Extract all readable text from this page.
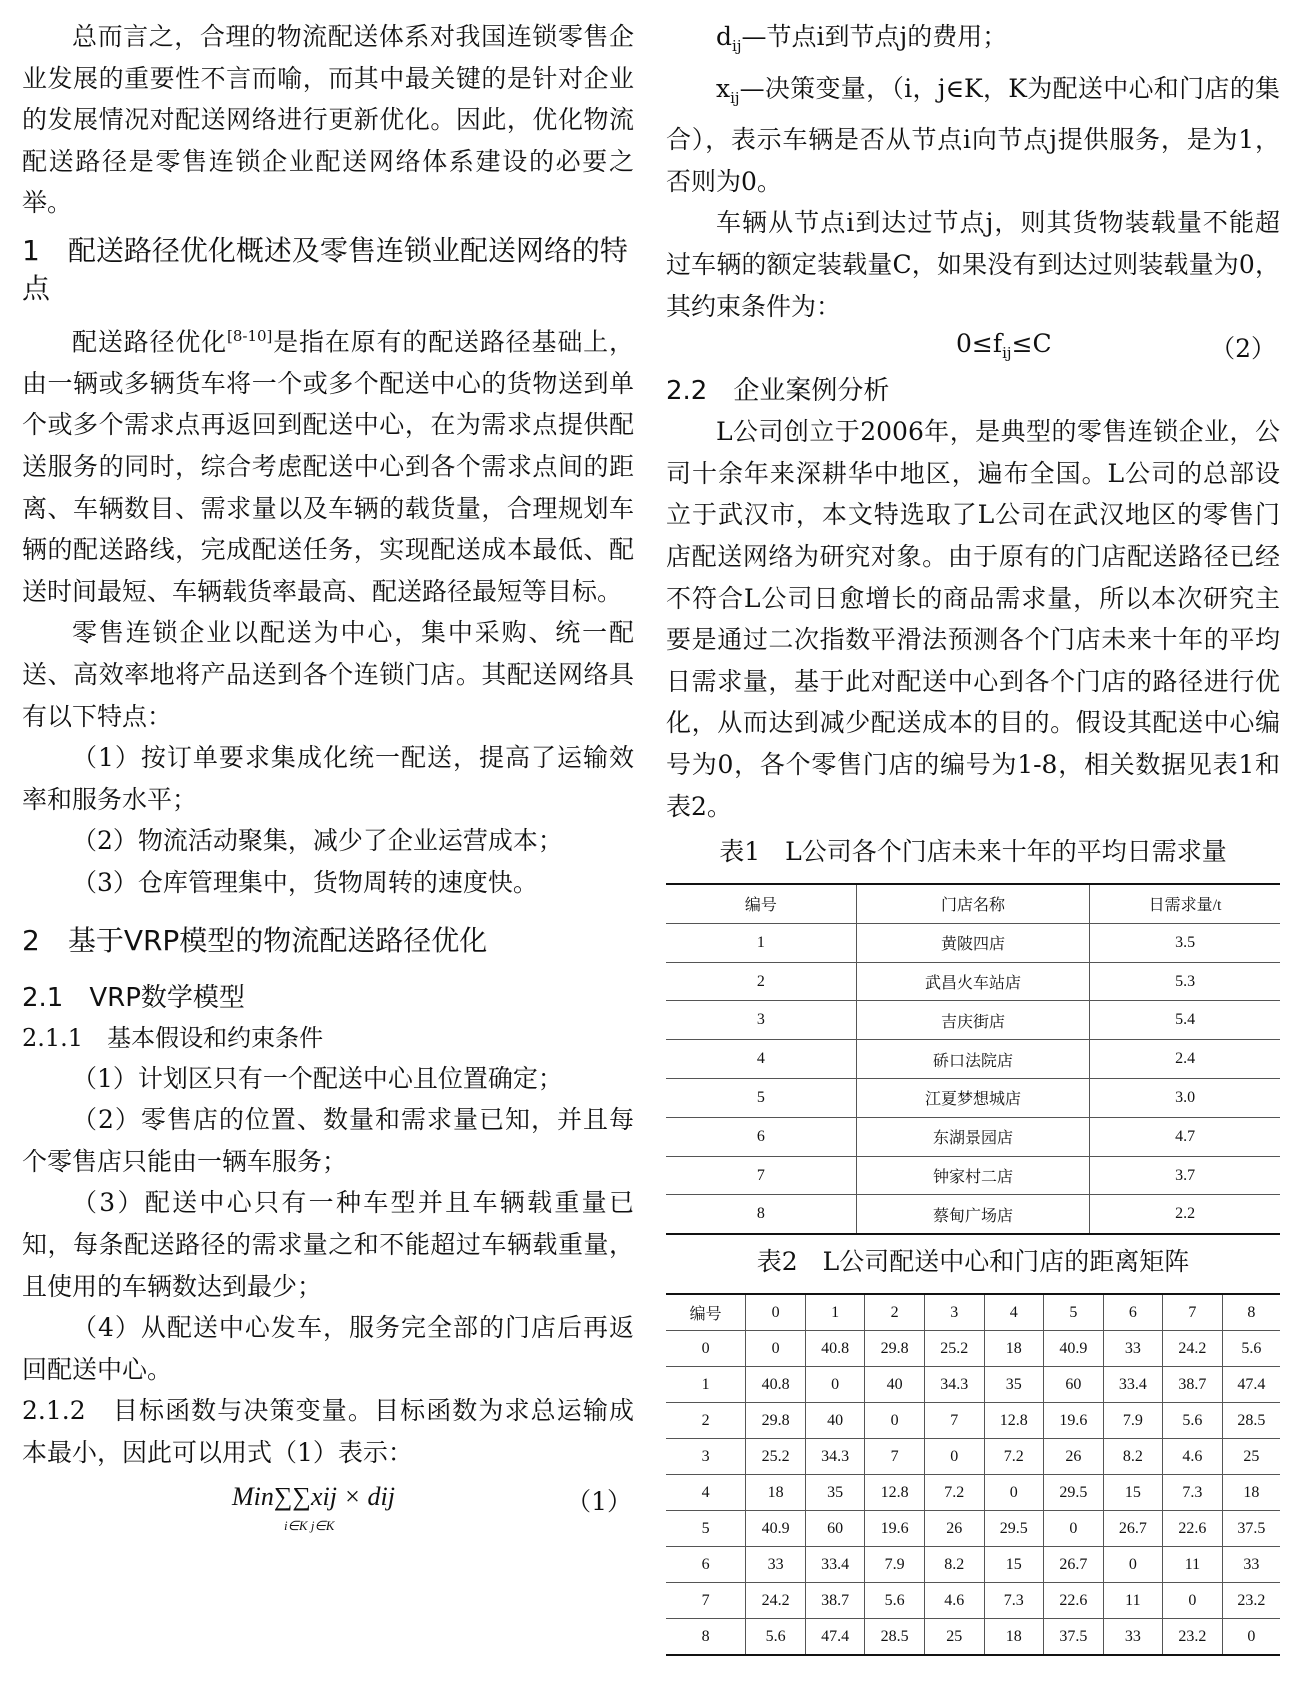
总而言之，合理的物流配送体系对我国连锁零售企业发展的重要性不言而喻，而其中最关键的是针对企业的发展情况对配送网络进行更新优化。因此，优化物流配送路径是零售连锁企业配送网络体系建设的必要之举。

1　配送路径优化概述及零售连锁业配送网络的特点

配送路径优化[8-10]是指在原有的配送路径基础上，由一辆或多辆货车将一个或多个配送中心的货物送到单个或多个需求点再返回到配送中心，在为需求点提供配送服务的同时，综合考虑配送中心到各个需求点间的距离、车辆数目、需求量以及车辆的载货量，合理规划车辆的配送路线，完成配送任务，实现配送成本最低、配送时间最短、车辆载货率最高、配送路径最短等目标。

零售连锁企业以配送为中心，集中采购、统一配送、高效率地将产品送到各个连锁门店。其配送网络具有以下特点：

（1）按订单要求集成化统一配送，提高了运输效率和服务水平；

（2）物流活动聚集，减少了企业运营成本；

（3）仓库管理集中，货物周转的速度快。

2　基于VRP模型的物流配送路径优化
2.1　VRP数学模型

2.1.1　基本假设和约束条件

（1）计划区只有一个配送中心且位置确定；

（2）零售店的位置、数量和需求量已知，并且每个零售店只能由一辆车服务；

（3）配送中心只有一种车型并且车辆载重量已知，每条配送路径的需求量之和不能超过车辆载重量，且使用的车辆数达到最少；

（4）从配送中心发车，服务完全部的门店后再返回配送中心。

2.1.2　目标函数与决策变量。目标函数为求总运输成本最小，因此可以用式（1）表示：

Min∑∑xij × dij
i∈K j∈K
（1）

$d_{ij}—$节点i到节点j的费用；

$x_{ij}—$决策变量，（i，j∈K，K为配送中心和门店的集合），表示车辆是否从节点i向节点j提供服务，是为1，否则为0。

车辆从节点i到达过节点j，则其货物装载量不能超过车辆的额定装载量C，如果没有到达过则装载量为0，其约束条件为：

$0\le f_{ij}\le C$	（2）
2.2　企业案例分析

L公司创立于2006年，是典型的零售连锁企业，公司十余年来深耕华中地区，遍布全国。L公司的总部设立于武汉市，本文特选取了L公司在武汉地区的零售门店配送网络为研究对象。由于原有的门店配送路径已经不符合L公司日愈增长的商品需求量，所以本次研究主要是通过二次指数平滑法预测各个门店未来十年的平均日需求量，基于此对配送中心到各个门店的路径进行优化，从而达到减少配送成本的目的。假设其配送中心编号为0，各个零售门店的编号为1-8，相关数据见表1和表2。

表1　L公司各个门店未来十年的平均日需求量

编号	门店名称	日需求量/t
1	黄陂四店	3.5
2	武昌火车站店	5.3
3	吉庆街店	5.4
4	硚口法院店	2.4
5	江夏梦想城店	3.0
6	东湖景园店	4.7
7	钟家村二店	3.7
8	蔡甸广场店	2.2

表2　L公司配送中心和门店的距离矩阵

编号	0	1	2	3	4	5	6	7	8
0	0	40.8	29.8	25.2	18	40.9	33	24.2	5.6
1	40.8	0	40	34.3	35	60	33.4	38.7	47.4
2	29.8	40	0	7	12.8	19.6	7.9	5.6	28.5
3	25.2	34.3	7	0	7.2	26	8.2	4.6	25
4	18	35	12.8	7.2	0	29.5	15	7.3	18
5	40.9	60	19.6	26	29.5	0	26.7	22.6	37.5
6	33	33.4	7.9	8.2	15	26.7	0	11	33
7	24.2	38.7	5.6	4.6	7.3	22.6	11	0	23.2
8	5.6	47.4	28.5	25	18	37.5	33	23.2	0
